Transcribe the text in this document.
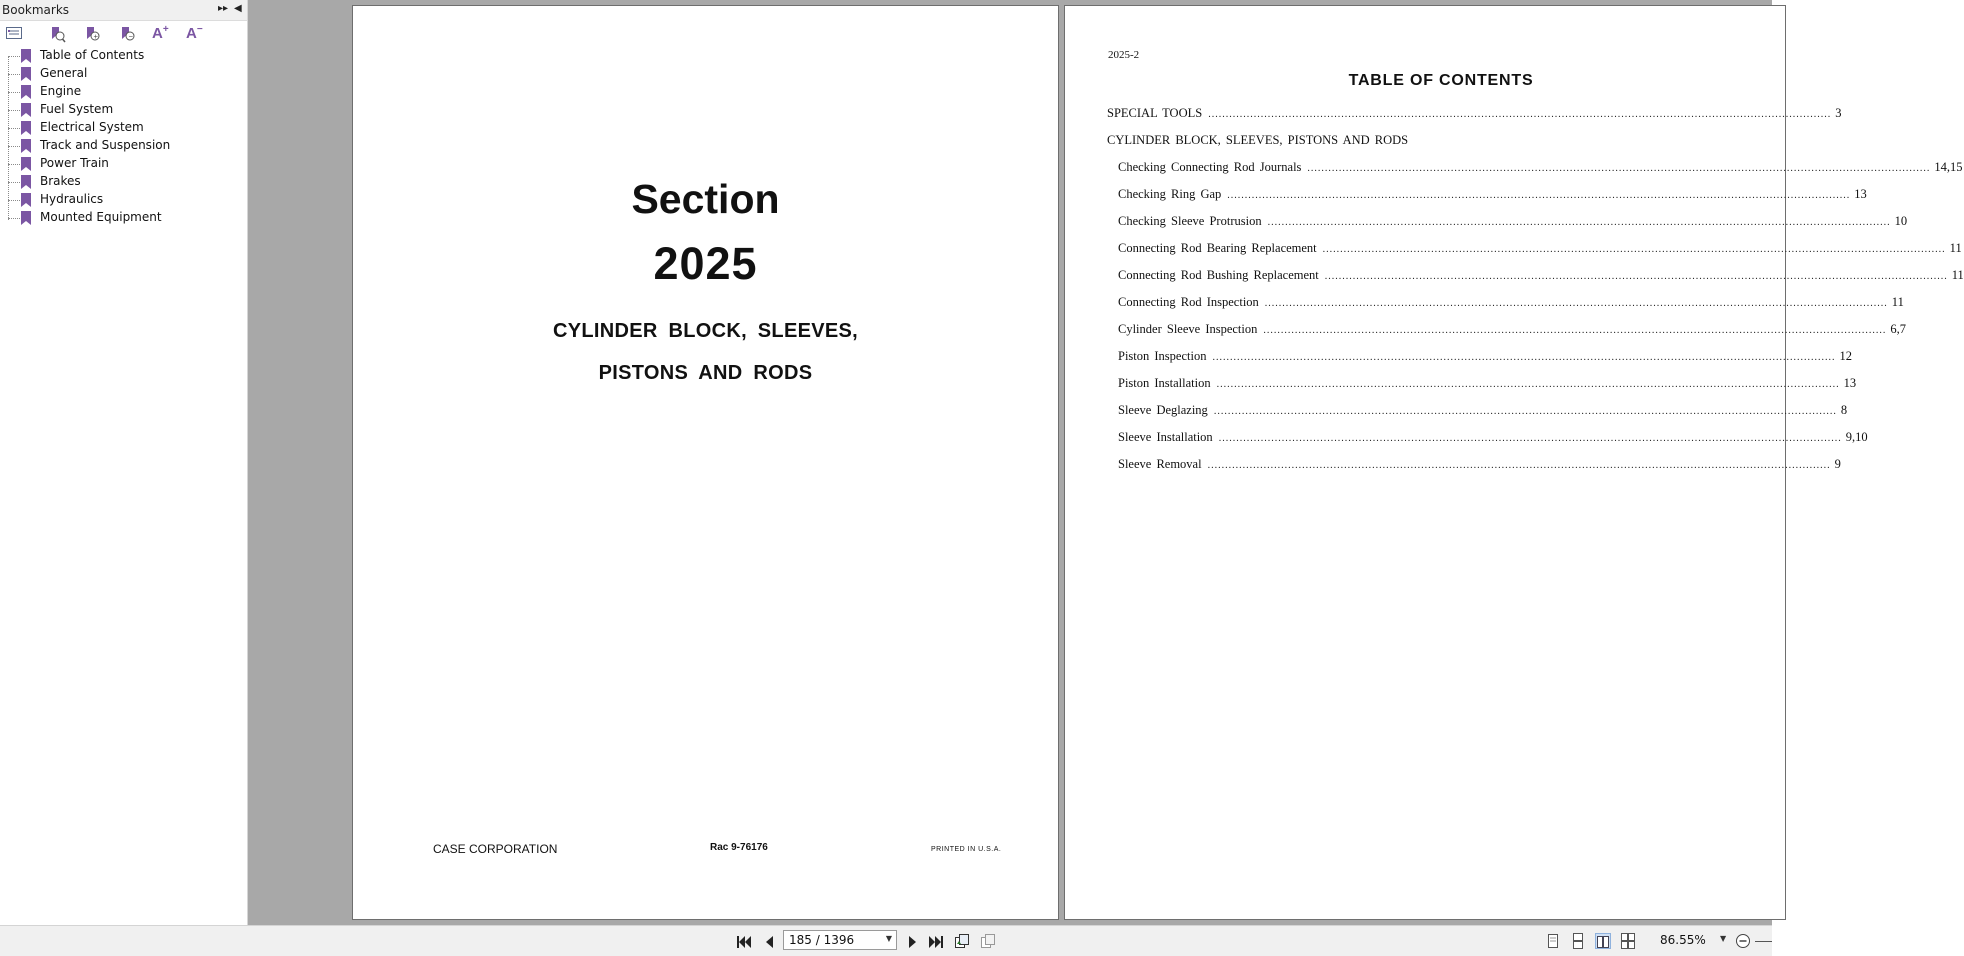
Bookmarks	▸▸ ◀
+	− A+	A−
Table of Contents
General
Engine
Fuel System
Electrical System
Track and Suspension
Power Train
Brakes
Hydraulics
Mounted Equipment	Section
2025
CYLINDER BLOCK, SLEEVES,
PISTONS AND RODS
CASE CORPORATION	Rac 9-76176	PRINTED IN U.S.A.
2025-2
TABLE OF CONTENTS
SPECIAL TOOLS .................................................................................................................................................................................. 3
CYLINDER BLOCK, SLEEVES, PISTONS AND RODS
Checking Connecting Rod Journals .................................................................................................................................................................................. 14,15
Checking Ring Gap .................................................................................................................................................................................. 13
Checking Sleeve Protrusion .................................................................................................................................................................................. 10
Connecting Rod Bearing Replacement .................................................................................................................................................................................. 11
Connecting Rod Bushing Replacement .................................................................................................................................................................................. 11
Connecting Rod Inspection .................................................................................................................................................................................. 11
Cylinder Sleeve Inspection .................................................................................................................................................................................. 6,7
Piston Inspection .................................................................................................................................................................................. 12
Piston Installation .................................................................................................................................................................................. 13
Sleeve Deglazing .................................................................................................................................................................................. 8
Sleeve Installation .................................................................................................................................................................................. 9,10
Sleeve Removal .................................................................................................................................................................................. 9
185 / 1396	▼	86.55% ▼
